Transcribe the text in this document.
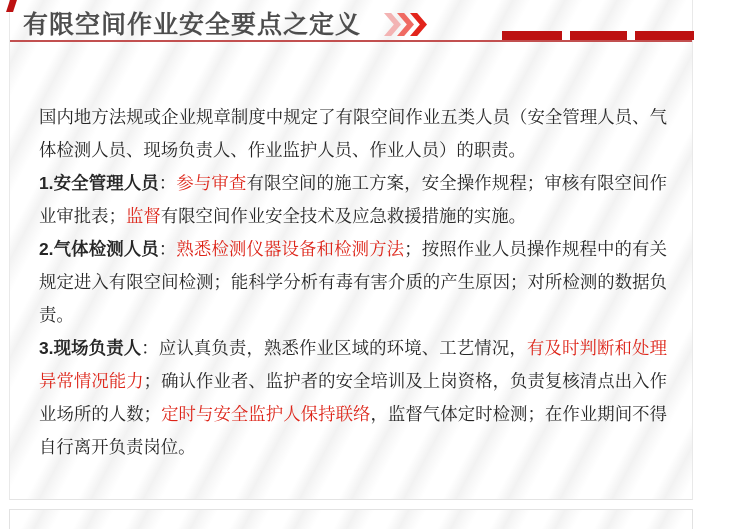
有限空间作业安全要点之定义

国内地方法规或企业规章制度中规定了有限空间作业五类人员（安全管理人员、气体检测人员、现场负责人、作业监护人员、作业人员）的职责。

1.安全管理人员：参与审查有限空间的施工方案，安全操作规程；审核有限空间作业审批表；监督有限空间作业安全技术及应急救援措施的实施。

2.气体检测人员：熟悉检测仪器设备和检测方法；按照作业人员操作规程中的有关规定进入有限空间检测；能科学分析有毒有害介质的产生原因；对所检测的数据负责。

3.现场负责人：应认真负责，熟悉作业区域的环境、工艺情况，有及时判断和处理异常情况能力；确认作业者、监护者的安全培训及上岗资格，负责复核清点出入作业场所的人数；定时与安全监护人保持联络，监督气体定时检测；在作业期间不得自行离开负责岗位。
